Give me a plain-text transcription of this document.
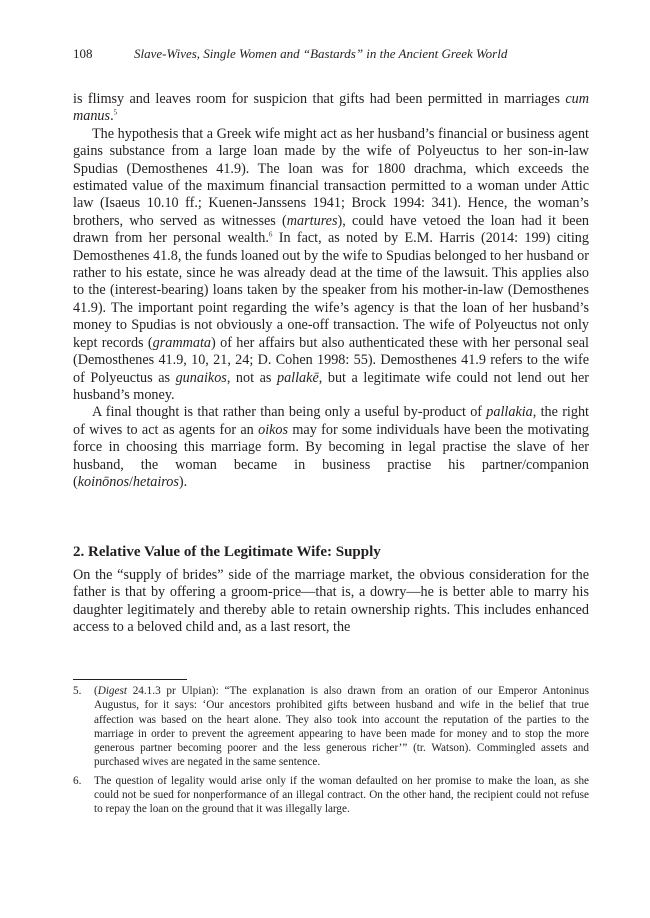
108	Slave-Wives, Single Women and “Bastards” in the Ancient Greek World

is flimsy and leaves room for suspicion that gifts had been permitted in marriages cum manus.$^5$

The hypothesis that a Greek wife might act as her husband’s financial or business agent gains substance from a large loan made by the wife of Polyeuctus to her son-in-law Spudias (Demosthenes 41.9). The loan was for 1800 drachma, which exceeds the estimated value of the maximum financial transaction permitted to a woman under Attic law (Isaeus 10.10 ff.; Kuenen-Janssens 1941; Brock 1994: 341). Hence, the woman’s brothers, who served as witnesses (martures), could have vetoed the loan had it been drawn from her personal wealth.$^6$ In fact, as noted by E.M. Harris (2014: 199) citing Demosthenes 41.8, the funds loaned out by the wife to Spudias belonged to her husband or rather to his estate, since he was already dead at the time of the lawsuit. This applies also to the (interest-bearing) loans taken by the speaker from his mother-in-law (Demosthenes 41.9). The important point regarding the wife’s agency is that the loan of her husband’s money to Spudias is not obviously a one-off transaction. The wife of Polyeuctus not only kept records (grammata) of her affairs but also authenticated these with her personal seal (Demosthenes 41.9, 10, 21, 24; D. Cohen 1998: 55). Demosthenes 41.9 refers to the wife of Polyeuctus as gunaikos, not as pallakē, but a legitimate wife could not lend out her husband’s money.

A final thought is that rather than being only a useful by-product of pallakia, the right of wives to act as agents for an oikos may for some individuals have been the motivating force in choosing this marriage form. By becoming in legal practise the slave of her husband, the woman became in business practise his partner/companion (koinōnos/hetairos).

2. Relative Value of the Legitimate Wife: Supply

On the “supply of brides” side of the marriage market, the obvious consideration for the father is that by offering a groom-price—that is, a dowry—he is better able to marry his daughter legitimately and thereby able to retain ownership rights. This includes enhanced access to a beloved child and, as a last resort, the

5. (Digest 24.1.3 pr Ulpian): “The explanation is also drawn from an oration of our Emperor Antoninus Augustus, for it says: ‘Our ancestors prohibited gifts between husband and wife in the belief that true affection was based on the heart alone. They also took into account the reputation of the parties to the marriage in order to prevent the agreement appearing to have been made for money and to stop the more generous partner becoming poorer and the less generous richer’” (tr. Watson). Commingled assets and purchased wives are negated in the same sentence.
6. The question of legality would arise only if the woman defaulted on her promise to make the loan, as she could not be sued for nonperformance of an illegal contract. On the other hand, the recipient could not refuse to repay the loan on the ground that it was illegally large.
